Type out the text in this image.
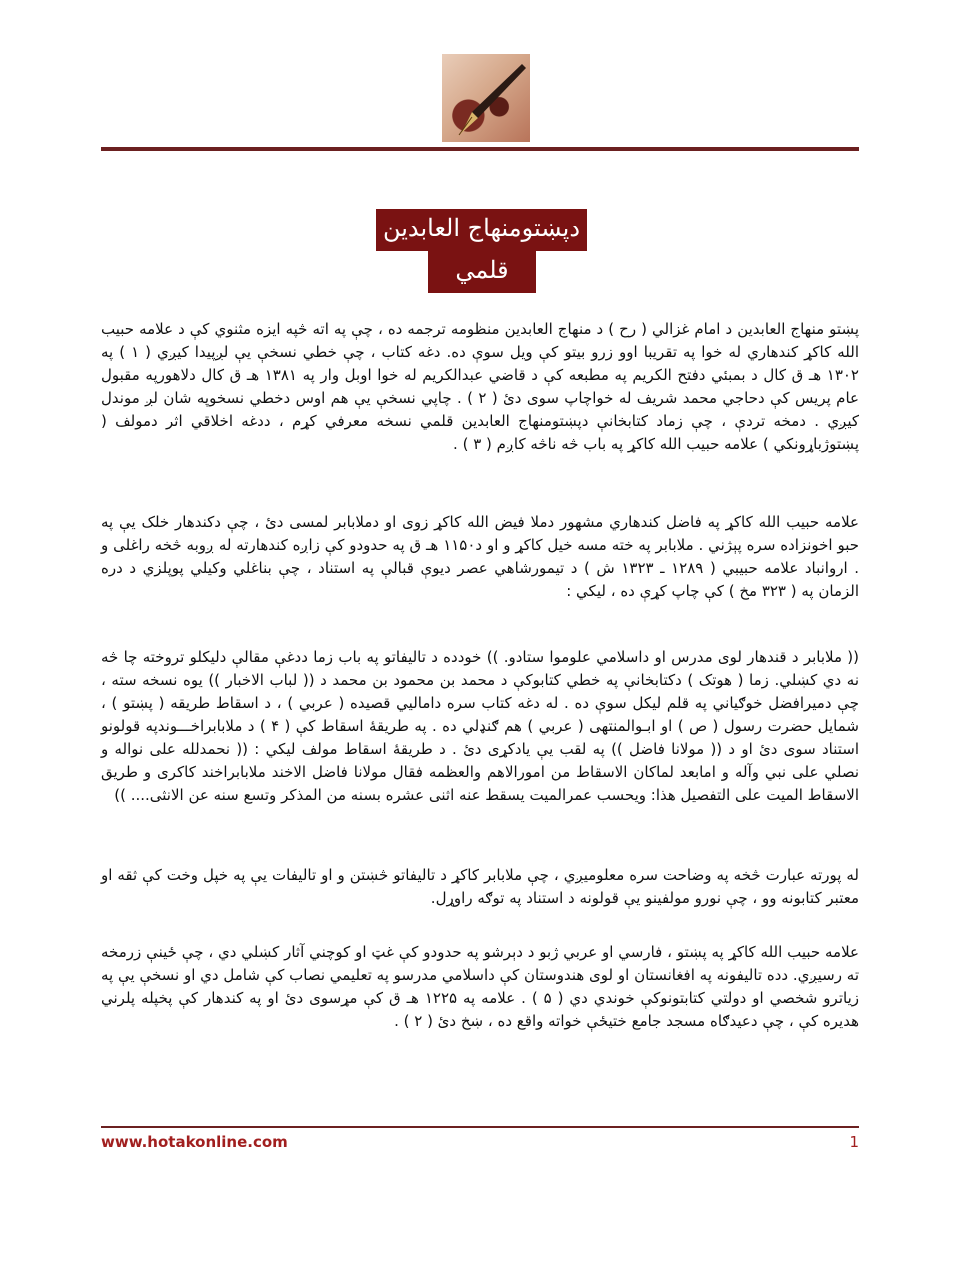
دپښتومنهاج العابدين
قلمي نسخه
پښتو منهاج العابدين د امام غزالي ( رح ) د منهاج العابدين منظومه ترجمه ده ، چې په اته څپه ايزه مثنوي کې د علامه حبيب الله کاکړ کندهاري له خوا په تقريبا اوو زرو بيتو کې ويل سوې ده. دغه کتاب ، چې خطي نسخې يې لږپيدا کيږي ( ۱ ) په ۱۳۰۲ هـ ق کال د بمبئي دفتح الکريم په مطبعه کې د قاضي عبدالکريم له خوا اوبل وار په ۱۳۸۱ هـ ق کال دلاهورپه مقبول عام پريس کې دحاجي محمد شريف له خواچاپ سوی دئ ( ۲ ) . چاپي نسخې يې هم اوس دخطي نسخوپه شان لږ موندل کيږي . دمخه تردې ، چې زماد کتابخانې دپښتومنهاج العابدين قلمي نسخه معرفي کړم ، ددغه اخلاقي اثر دمولف ( پښتوژباړونکي ) علامه حبيب الله کاکړ په باب څه ناڅه کاږم ( ۳ ) .
علامه حبيب الله کاکړ په فاضل کندهاري مشهور دملا فيض الله کاکړ زوی او دملابابر لمسی دئ ، چې دکندهار خلک يې په حبو اخونزاده سره پېژني . ملابابر په خته مسه خيل کاکړ و او د۱۱۵۰ هـ ق په حدودو کې زاږه کندهارته له ږوبه څخه راغلی و . اروانباد علامه حبيبي ( ۱۲۸۹ ـ ۱۳۲۳ ش ) د تيمورشاهي عصر ديوې قبالې په استناد ، چې بناغلي وکيلي پوپلزي د دره الزمان په ( ۳۲۳ مخ ) کې چاپ کړې ده ، ليکي :
(( ملابابر د قندهار لوی مدرس او داسلامي علوموا ستادو. )) خودده د تاليفاتو په باب زما ددغې مقالې دليکلو تروخته چا څه نه دي کښلي. زما ( هوتک ) دکتابخانې په خطي کتابوکې د محمد بن محمود بن محمد د (( لباب الاخبار )) يوه نسخه سته ، چې دميرافضل خوګياني په قلم ليکل سوې ده . له دغه کتاب سره داماليي قصيده ( عربي ) ، د اسقاط طريقه ( پښتو ) ، شمايل حضرت رسول ( ص ) او ابـوالمنتهی ( عربي ) هم ګنډلي ده . په طريقهٔ اسقاط کې ( ۴ ) د ملابابراخـــوندپه قولونو استناد سوی دئ او د (( مولانا فاضل )) په لقب يې يادکړی دئ . د طريقهٔ اسقاط مولف ليکي : (( نحمدلله علی نواله و نصلي علی نبي وآله و امابعد لماکان الاسقاط من امورالاهم والعظمه فقال مولانا فاضل الاخند ملابابراخند کاکری و طريق الاسقاط الميت علی التفصيل هذا: ويحسب عمرالميت يسقط عنه اثنی عشره بسنه من المذکر وتسع سنه عن الانثی.... ))
له پورته عبارت څخه په وضاحت سره معلوميږي ، چې ملابابر کاکړ د تاليفاتو څښتن و او تاليفات يې په خپل وخت کې ثقه او معتبر کتابونه وو ، چې نورو مولفينو يې قولونه د استناد په توګه راوړل.
علامه حبيب الله کاکړ په پښتو ، فارسي او عربي ژبو د دېرشو په حدودو کې غټ او کوچني آثار کښلي دي ، چې ځينې زرمخه ته رسيږي. دده تاليفونه په افغانستان او لوی هندوستان کې داسلامي مدرسو په تعليمي نصاب کې شامل دي او نسخې يې په زياترو شخصي او دولتي کتابتونوکې خوندي دي ( ۵ ) . علامه په ۱۲۲۵ هـ ق کې مړسوی دئ او په کندهار کې پخپله پلرني هديره کې ، چې دعيدګاه مسجد جامع ختيځې خواته واقع ده ، ښخ دئ ( ۲ ) .
www.hotakonline.com	1
